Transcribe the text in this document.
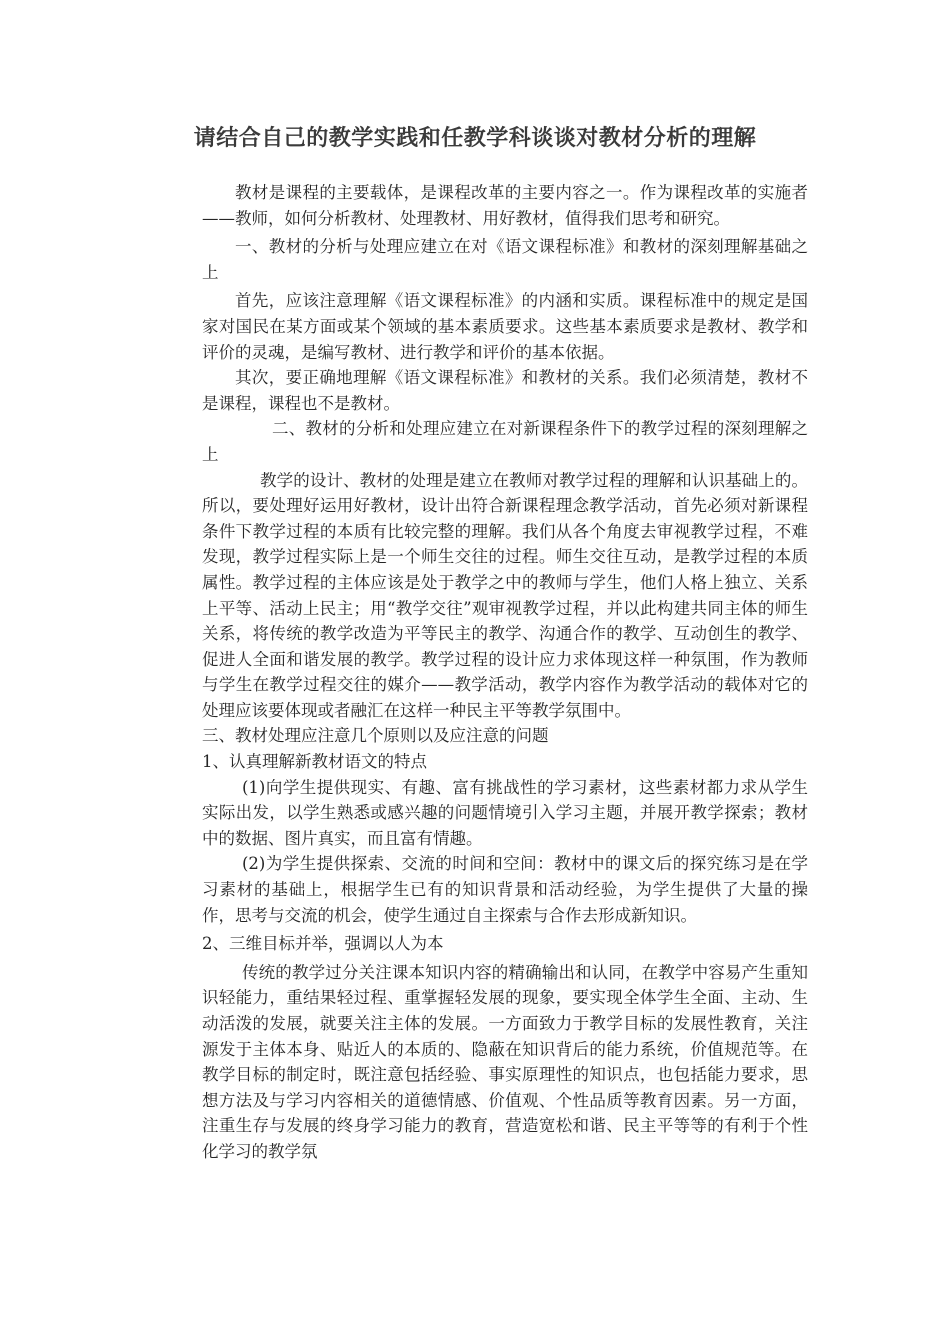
请结合自己的教学实践和任教学科谈谈对教材分析的理解

教材是课程的主要载体，是课程改革的主要内容之一。作为课程改革的实施者——教师，如何分析教材、处理教材、用好教材，值得我们思考和研究。

一、教材的分析与处理应建立在对《语文课程标准》和教材的深刻理解基础之上

首先，应该注意理解《语文课程标准》的内涵和实质。课程标准中的规定是国家对国民在某方面或某个领域的基本素质要求。这些基本素质要求是教材、教学和评价的灵魂，是编写教材、进行教学和评价的基本依据。

其次，要正确地理解《语文课程标准》和教材的关系。我们必须清楚，教材不是课程，课程也不是教材。

二、教材的分析和处理应建立在对新课程条件下的教学过程的深刻理解之上

教学的设计、教材的处理是建立在教师对教学过程的理解和认识基础上的。所以，要处理好运用好教材，设计出符合新课程理念教学活动，首先必须对新课程条件下教学过程的本质有比较完整的理解。我们从各个角度去审视教学过程，不难发现，教学过程实际上是一个师生交往的过程。师生交往互动，是教学过程的本质属性。教学过程的主体应该是处于教学之中的教师与学生，他们人格上独立、关系上平等、活动上民主；用“教学交往”观审视教学过程，并以此构建共同主体的师生关系，将传统的教学改造为平等民主的教学、沟通合作的教学、互动创生的教学、促进人全面和谐发展的教学。教学过程的设计应力求体现这样一种氛围，作为教师与学生在教学过程交往的媒介——教学活动，教学内容作为教学活动的载体对它的处理应该要体现或者融汇在这样一种民主平等教学氛围中。

三、教材处理应注意几个原则以及应注意的问题

1、认真理解新教材语文的特点

(1)向学生提供现实、有趣、富有挑战性的学习素材，这些素材都力求从学生实际出发，以学生熟悉或感兴趣的问题情境引入学习主题，并展开教学探索；教材中的数据、图片真实，而且富有情趣。

(2)为学生提供探索、交流的时间和空间：教材中的课文后的探究练习是在学习素材的基础上，根据学生已有的知识背景和活动经验，为学生提供了大量的操作，思考与交流的机会，使学生通过自主探索与合作去形成新知识。

2、三维目标并举，强调以人为本

传统的教学过分关注课本知识内容的精确输出和认同，在教学中容易产生重知识轻能力，重结果轻过程、重掌握轻发展的现象，要实现全体学生全面、主动、生动活泼的发展，就要关注主体的发展。一方面致力于教学目标的发展性教育，关注源发于主体本身、贴近人的本质的、隐蔽在知识背后的能力系统，价值规范等。在教学目标的制定时，既注意包括经验、事实原理性的知识点，也包括能力要求，思想方法及与学习内容相关的道德情感、价值观、个性品质等教育因素。另一方面，注重生存与发展的终身学习能力的教育，营造宽松和谐、民主平等等的有利于个性化学习的教学氛
